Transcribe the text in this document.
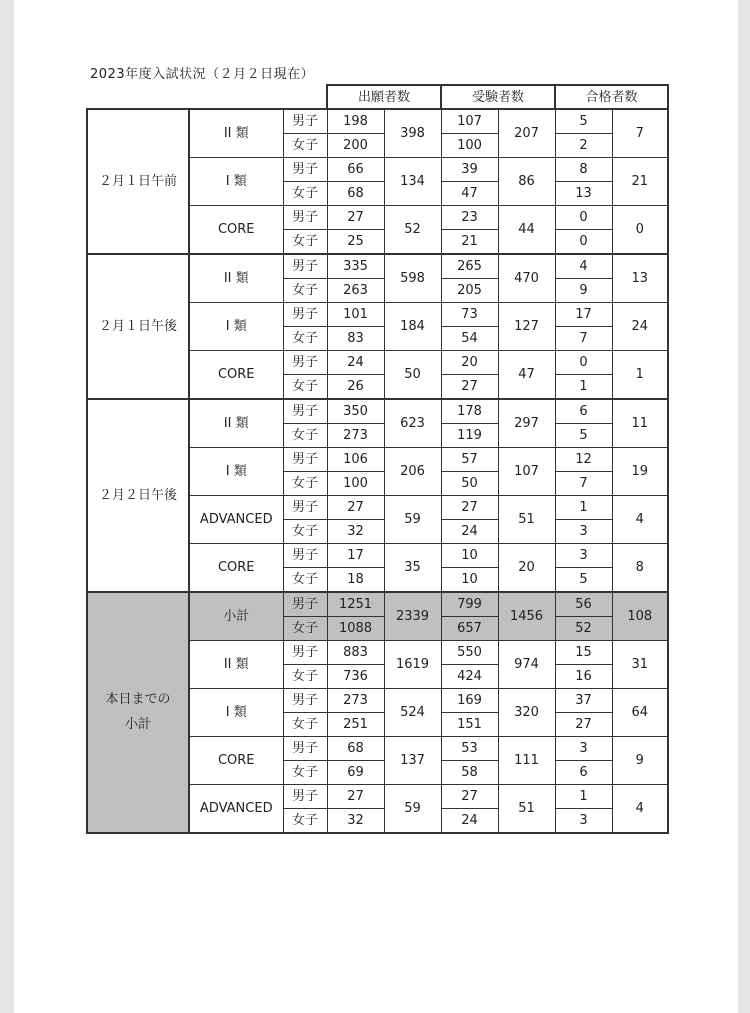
2023年度入試状況（２月２日現在）
			出願者数		受験者数		合格者数	
２月１日午前	II 類	男子	198	398	107	207	5	7
		女子	200		100		2	
	I 類	男子	66	134	39	86	8	21
		女子	68		47		13	
	CORE	男子	27	52	23	44	0	0
		女子	25		21		0	
２月１日午後	II 類	男子	335	598	265	470	4	13
		女子	263		205		9	
	I 類	男子	101	184	73	127	17	24
		女子	83		54		7	
	CORE	男子	24	50	20	47	0	1
		女子	26		27		1	
２月２日午後	II 類	男子	350	623	178	297	6	11
		女子	273		119		5	
	I 類	男子	106	206	57	107	12	19
		女子	100		50		7	
	ADVANCED	男子	27	59	27	51	1	4
		女子	32		24		3	
	CORE	男子	17	35	10	20	3	8
		女子	18		10		5	
本日までの
小計	小計	男子	1251	2339	799	1456	56	108
		女子	1088		657		52	
	II 類	男子	883	1619	550	974	15	31
		女子	736		424		16	
	I 類	男子	273	524	169	320	37	64
		女子	251		151		27	
	CORE	男子	68	137	53	111	3	9
		女子	69		58		6	
	ADVANCED	男子	27	59	27	51	1	4
		女子	32		24		3	
